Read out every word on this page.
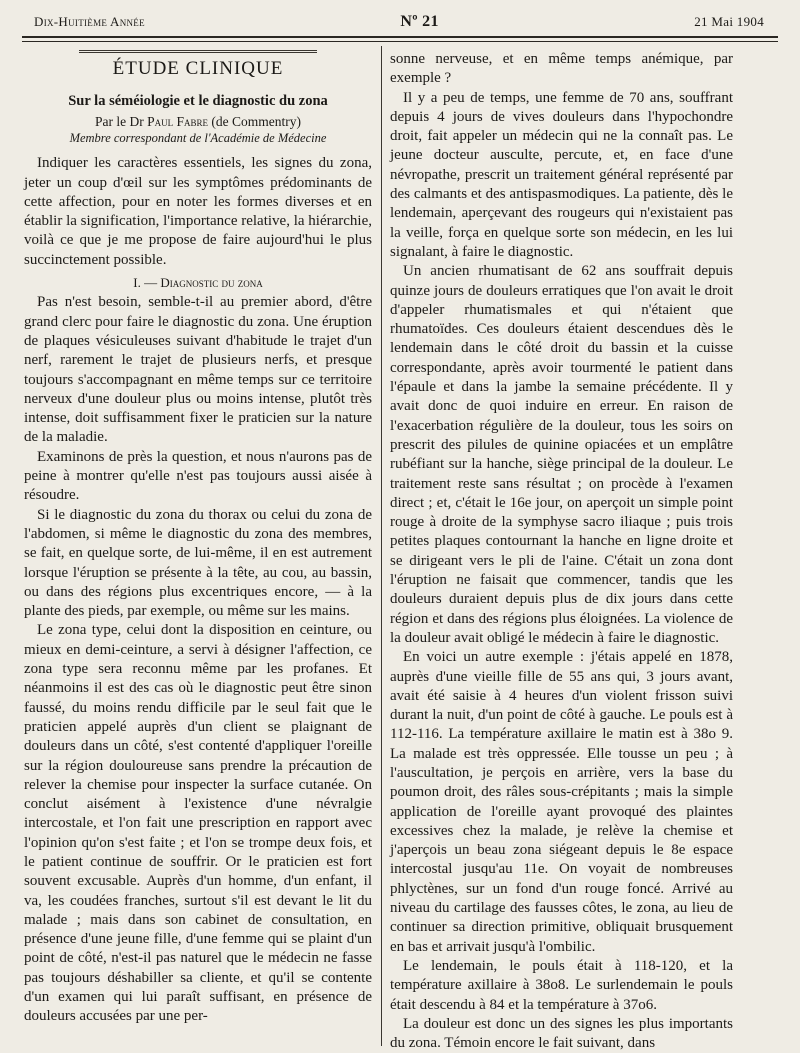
Dix-Huitième Année	Nº 21	21 Mai 1904
ÉTUDE CLINIQUE
Sur la séméiologie et le diagnostic du zona
Par le Dr Paul Fabre (de Commentry)
Membre correspondant de l'Académie de Médecine

Indiquer les caractères essentiels, les signes du zona, jeter un coup d'œil sur les symptômes prédominants de cette affection, pour en noter les formes diverses et en établir la signification, l'importance relative, la hiérarchie, voilà ce que je me propose de faire aujourd'hui le plus succinctement possible.

I. — Diagnostic du zona

Pas n'est besoin, semble-t-il au premier abord, d'être grand clerc pour faire le diagnostic du zona. Une éruption de plaques vésiculeuses suivant d'habitude le trajet d'un nerf, rarement le trajet de plusieurs nerfs, et presque toujours s'accompagnant en même temps sur ce territoire nerveux d'une douleur plus ou moins intense, plutôt très intense, doit suffisamment fixer le praticien sur la nature de la maladie.

Examinons de près la question, et nous n'aurons pas de peine à montrer qu'elle n'est pas toujours aussi aisée à résoudre.

Si le diagnostic du zona du thorax ou celui du zona de l'abdomen, si même le diagnostic du zona des membres, se fait, en quelque sorte, de lui-même, il en est autrement lorsque l'éruption se présente à la tête, au cou, au bassin, ou dans des régions plus excentriques encore, — à la plante des pieds, par exemple, ou même sur les mains.

Le zona type, celui dont la disposition en ceinture, ou mieux en demi-ceinture, a servi à désigner l'affection, ce zona type sera reconnu même par les profanes. Et néanmoins il est des cas où le diagnostic peut être sinon faussé, du moins rendu difficile par le seul fait que le praticien appelé auprès d'un client se plaignant de douleurs dans un côté, s'est contenté d'appliquer l'oreille sur la région douloureuse sans prendre la précaution de relever la chemise pour inspecter la surface cutanée. On conclut aisément à l'existence d'une névralgie intercostale, et l'on fait une prescription en rapport avec l'opinion qu'on s'est faite ; et l'on se trompe deux fois, et le patient continue de souffrir. Or le praticien est fort souvent excusable. Auprès d'un homme, d'un enfant, il va, les coudées franches, surtout s'il est devant le lit du malade ; mais dans son cabinet de consultation, en présence d'une jeune fille, d'une femme qui se plaint d'un point de côté, n'est-il pas naturel que le médecin ne fasse pas toujours déshabiller sa cliente, et qu'il se contente d'un examen qui lui paraît suffisant, en présence de douleurs accusées par une per-

sonne nerveuse, et en même temps anémique, par exemple ?

Il y a peu de temps, une femme de 70 ans, souffrant depuis 4 jours de vives douleurs dans l'hypochondre droit, fait appeler un médecin qui ne la connaît pas. Le jeune docteur ausculte, percute, et, en face d'une névropathe, prescrit un traitement général représenté par des calmants et des antispasmodiques. La patiente, dès le lendemain, aperçevant des rougeurs qui n'existaient pas la veille, força en quelque sorte son médecin, en les lui signalant, à faire le diagnostic.

Un ancien rhumatisant de 62 ans souffrait depuis quinze jours de douleurs erratiques que l'on avait le droit d'appeler rhumatismales et qui n'étaient que rhumatoïdes. Ces douleurs étaient descendues dès le lendemain dans le côté droit du bassin et la cuisse correspondante, après avoir tourmenté le patient dans l'épaule et dans la jambe la semaine précédente. Il y avait donc de quoi induire en erreur. En raison de l'exacerbation régulière de la douleur, tous les soirs on prescrit des pilules de quinine opiacées et un emplâtre rubéfiant sur la hanche, siège principal de la douleur. Le traitement reste sans résultat ; on procède à l'examen direct ; et, c'était le 16e jour, on aperçoit un simple point rouge à droite de la symphyse sacro iliaque ; puis trois petites plaques contournant la hanche en ligne droite et se dirigeant vers le pli de l'aine. C'était un zona dont l'éruption ne faisait que commencer, tandis que les douleurs duraient depuis plus de dix jours dans cette région et dans des régions plus éloignées. La violence de la douleur avait obligé le médecin à faire le diagnostic.

En voici un autre exemple : j'étais appelé en 1878, auprès d'une vieille fille de 55 ans qui, 3 jours avant, avait été saisie à 4 heures d'un violent frisson suivi durant la nuit, d'un point de côté à gauche. Le pouls est à 112-116. La température axillaire le matin est à 38o 9. La malade est très oppressée. Elle tousse un peu ; à l'auscultation, je perçois en arrière, vers la base du poumon droit, des râles sous-crépitants ; mais la simple application de l'oreille ayant provoqué des plaintes excessives chez la malade, je relève la chemise et j'aperçois un beau zona siégeant depuis le 8e espace intercostal jusqu'au 11e. On voyait de nombreuses phlyctènes, sur un fond d'un rouge foncé. Arrivé au niveau du cartilage des fausses côtes, le zona, au lieu de continuer sa direction primitive, obliquait brusquement en bas et arrivait jusqu'à l'ombilic.

Le lendemain, le pouls était à 118-120, et la température axillaire à 38o8. Le surlendemain le pouls était descendu à 84 et la température à 37o6.

La douleur est donc un des signes les plus importants du zona. Témoin encore le fait suivant, dans
